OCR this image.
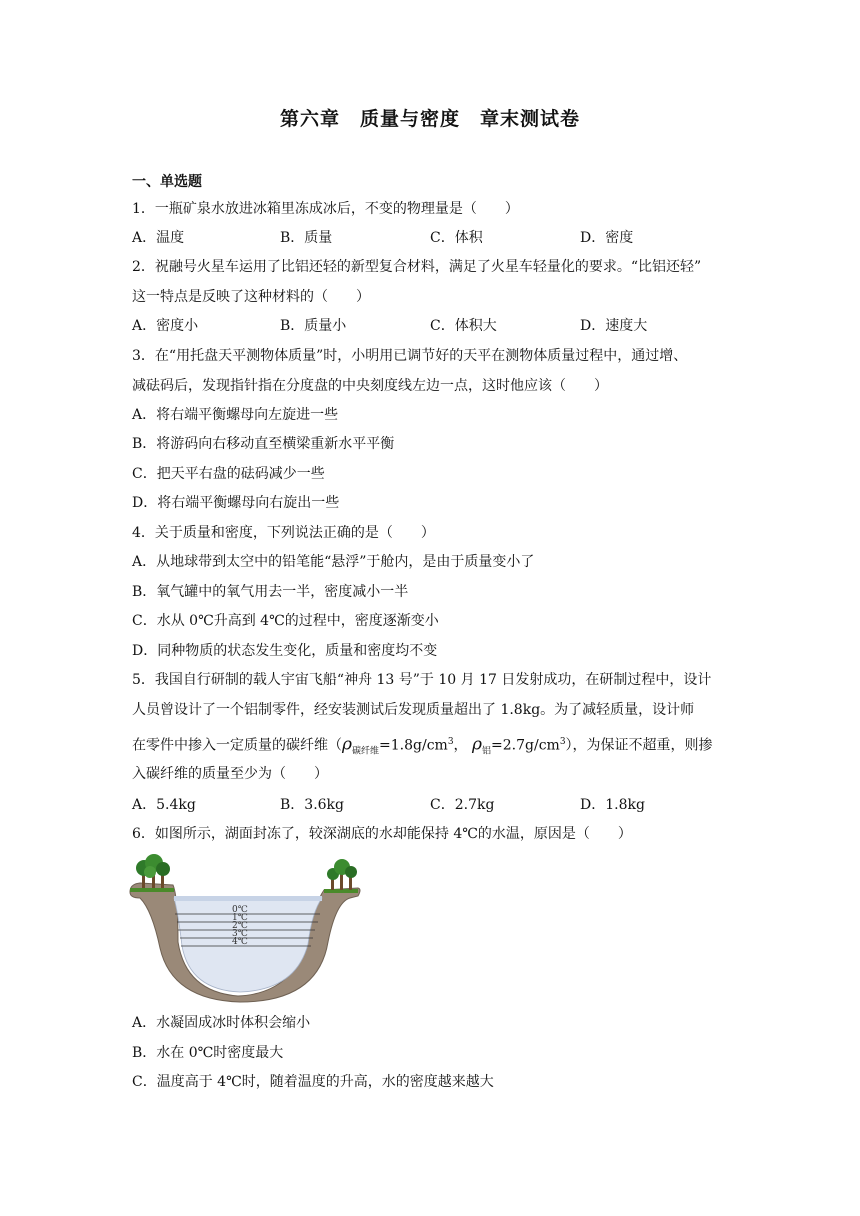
第六章　质量与密度　章末测试卷
一、单选题
1．一瓶矿泉水放进冰箱里冻成冰后，不变的物理量是（　　）
A．温度	B．质量	C．体积	D．密度
2．祝融号火星车运用了比铝还轻的新型复合材料，满足了火星车轻量化的要求。“比铝还轻”
这一特点是反映了这种材料的（　　）
A．密度小	B．质量小	C．体积大	D．速度大
3．在“用托盘天平测物体质量”时，小明用已调节好的天平在测物体质量过程中，通过增、
减砝码后，发现指针指在分度盘的中央刻度线左边一点，这时他应该（　　）
A．将右端平衡螺母向左旋进一些
B．将游码向右移动直至横梁重新水平平衡
C．把天平右盘的砝码减少一些
D．将右端平衡螺母向右旋出一些
4．关于质量和密度，下列说法正确的是（　　）
A．从地球带到太空中的铅笔能“悬浮”于舱内，是由于质量变小了
B．氧气罐中的氧气用去一半，密度减小一半
C．水从 0℃升高到 4℃的过程中，密度逐渐变小
D．同种物质的状态发生变化，质量和密度均不变
5．我国自行研制的载人宇宙飞船“神舟 13 号”于 10 月 17 日发射成功，在研制过程中，设计
人员曾设计了一个铝制零件，经安装测试后发现质量超出了 1.8kg。为了减轻质量，设计师
在零件中掺入一定质量的碳纤维（$\rho_{碳纤维}=1.8g/cm^3$， $\rho_铝=2.7g/cm^3$），为保证不超重，则掺
入碳纤维的质量至少为（　　）
A．5.4kg	B．3.6kg	C．2.7kg	D．1.8kg
6．如图所示，湖面封冻了，较深湖底的水却能保持 4℃的水温，原因是（　　）
0℃
1℃
2℃
3℃
4℃
A．水凝固成冰时体积会缩小
B．水在 0℃时密度最大
C．温度高于 4℃时，随着温度的升高，水的密度越来越大
